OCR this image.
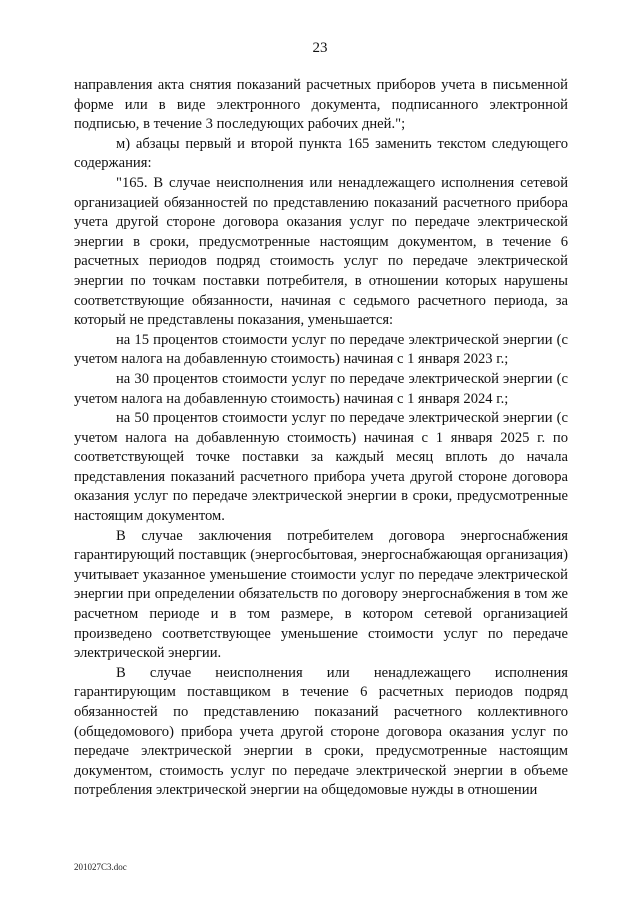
23

направления акта снятия показаний расчетных приборов учета в письменной форме или в виде электронного документа, подписанного электронной подписью, в течение 3 последующих рабочих дней.";

м) абзацы первый и второй пункта 165 заменить текстом следующего содержания:

"165. В случае неисполнения или ненадлежащего исполнения сетевой организацией обязанностей по представлению показаний расчетного прибора учета другой стороне договора оказания услуг по передаче электрической энергии в сроки, предусмотренные настоящим документом, в течение 6 расчетных периодов подряд стоимость услуг по передаче электрической энергии по точкам поставки потребителя, в отношении которых нарушены соответствующие обязанности, начиная с седьмого расчетного периода, за который не представлены показания, уменьшается:

на 15 процентов стоимости услуг по передаче электрической энергии (с учетом налога на добавленную стоимость) начиная с 1 января 2023 г.;

на 30 процентов стоимости услуг по передаче электрической энергии (с учетом налога на добавленную стоимость) начиная с 1 января 2024 г.;

на 50 процентов стоимости услуг по передаче электрической энергии (с учетом налога на добавленную стоимость) начиная с 1 января 2025 г. по соответствующей точке поставки за каждый месяц вплоть до начала представления показаний расчетного прибора учета другой стороне договора оказания услуг по передаче электрической энергии в сроки, предусмотренные настоящим документом.

В случае заключения потребителем договора энергоснабжения гарантирующий поставщик (энергосбытовая, энергоснабжающая организация) учитывает указанное уменьшение стоимости услуг по передаче электрической энергии при определении обязательств по договору энергоснабжения в том же расчетном периоде и в том размере, в котором сетевой организацией произведено соответствующее уменьшение стоимости услуг по передаче электрической энергии.

В случае неисполнения или ненадлежащего исполнения гарантирующим поставщиком в течение 6 расчетных периодов подряд обязанностей по представлению показаний расчетного коллективного (общедомового) прибора учета другой стороне договора оказания услуг по передаче электрической энергии в сроки, предусмотренные настоящим документом, стоимость услуг по передаче электрической энергии в объеме потребления электрической энергии на общедомовые нужды в отношении

201027С3.doc
